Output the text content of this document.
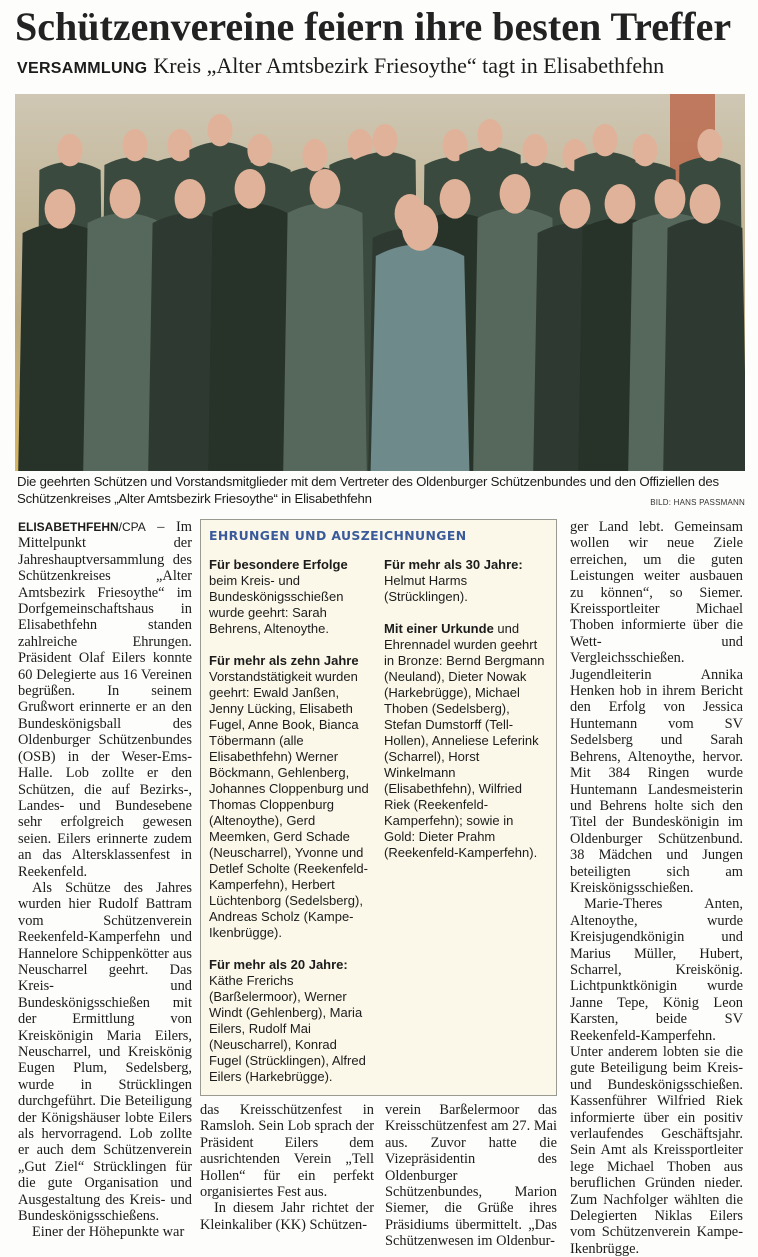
Schützenvereine feiern ihre besten Treffer
VERSAMMLUNG Kreis „Alter Amtsbezirk Friesoythe“ tagt in Elisabethfehn
Die geehrten Schützen und Vorstandsmitglieder mit dem Vertreter des Oldenburger Schützenbundes und den Offiziellen des Schützenkreises „Alter Amtsbezirk Friesoythe“ in Elisabethfehn	BILD: HANS PASSMANN

ELISABETHFEHN/CPA – Im Mittelpunkt der Jahreshauptversammlung des Schützenkreises „Alter Amtsbezirk Friesoythe“ im Dorfgemeinschaftshaus in Elisabethfehn standen zahlreiche Ehrungen. Präsident Olaf Eilers konnte 60 Delegierte aus 16 Vereinen begrüßen. In seinem Grußwort erinnerte er an den Bundeskönigsball des Oldenburger Schützenbundes (OSB) in der Weser-Ems-Halle. Lob zollte er den Schützen, die auf Bezirks-, Landes- und Bundesebene sehr erfolgreich gewesen seien. Eilers erinnerte zudem an das Altersklassenfest in Reekenfeld.

Als Schütze des Jahres wurden hier Rudolf Battram vom Schützenverein Reekenfeld-Kamperfehn und Hannelore Schippenkötter aus Neuscharrel geehrt. Das Kreis- und Bundeskönigsschießen mit der Ermittlung von Kreiskönigin Maria Eilers, Neuscharrel, und Kreiskönig Eugen Plum, Sedelsberg, wurde in Strücklingen durchgeführt. Die Beteiligung der Königshäuser lobte Eilers als hervorragend. Lob zollte er auch dem Schützenverein „Gut Ziel“ Strücklingen für die gute Organisation und Ausgestaltung des Kreis- und Bundeskönigsschießens.

Einer der Höhepunkte war

EHRUNGEN UND AUSZEICHNUNGEN

Für besondere Erfolge beim Kreis- und Bundeskönigsschießen wurde geehrt: Sarah Behrens, Altenoythe.

Für mehr als zehn Jahre Vorstandstätigkeit wurden geehrt: Ewald Janßen, Jenny Lücking, Elisabeth Fugel, Anne Book, Bianca Töbermann (alle Elisabethfehn) Werner Böckmann, Gehlenberg, Johannes Cloppenburg und Thomas Cloppenburg (Altenoythe), Gerd Meemken, Gerd Schade (Neuscharrel), Yvonne und Detlef Scholte (Reekenfeld-Kamperfehn), Herbert Lüchtenborg (Sedelsberg), Andreas Scholz (Kampe-Ikenbrügge).

Für mehr als 20 Jahre: Käthe Frerichs (Barßelermoor), Werner Windt (Gehlenberg), Maria Eilers, Rudolf Mai (Neuscharrel), Konrad Fugel (Strücklingen), Alfred Eilers (Harkebrügge).

Für mehr als 30 Jahre: Helmut Harms (Strücklingen).

Mit einer Urkunde und Ehrennadel wurden geehrt in Bronze: Bernd Bergmann (Neuland), Dieter Nowak (Harkebrügge), Michael Thoben (Sedelsberg), Stefan Dumstorff (Tell-Hollen), Anneliese Leferink (Scharrel), Horst Winkelmann (Elisabethfehn), Wilfried Riek (Reekenfeld-Kamperfehn); sowie in Gold: Dieter Prahm (Reekenfeld-Kamperfehn).

das Kreisschützenfest in Ramsloh. Sein Lob sprach der Präsident Eilers dem ausrichtenden Verein „Tell Hollen“ für ein perfekt organisiertes Fest aus.

In diesem Jahr richtet der Kleinkaliber (KK) Schützen-

verein Barßelermoor das Kreisschützenfest am 27. Mai aus. Zuvor hatte die Vizepräsidentin des Oldenburger Schützenbundes, Marion Siemer, die Grüße ihres Präsidiums übermittelt. „Das Schützenwesen im Oldenbur-

ger Land lebt. Gemeinsam wollen wir neue Ziele erreichen, um die guten Leistungen weiter ausbauen zu können“, so Siemer. Kreissportleiter Michael Thoben informierte über die Wett- und Vergleichsschießen. Jugendleiterin Annika Henken hob in ihrem Bericht den Erfolg von Jessica Huntemann vom SV Sedelsberg und Sarah Behrens, Altenoythe, hervor. Mit 384 Ringen wurde Huntemann Landesmeisterin und Behrens holte sich den Titel der Bundeskönigin im Oldenburger Schützenbund. 38 Mädchen und Jungen beteiligten sich am Kreiskönigsschießen.

Marie-Theres Anten, Altenoythe, wurde Kreisjugendkönigin und Marius Müller, Hubert, Scharrel, Kreiskönig. Lichtpunktkönigin wurde Janne Tepe, König Leon Karsten, beide SV Reekenfeld-Kamperfehn. Unter anderem lobten sie die gute Beteiligung beim Kreis- und Bundeskönigsschießen. Kassenführer Wilfried Riek informierte über ein positiv verlaufendes Geschäftsjahr. Sein Amt als Kreissportleiter lege Michael Thoben aus beruflichen Gründen nieder. Zum Nachfolger wählten die Delegierten Niklas Eilers vom Schützenverein Kampe-Ikenbrügge.
